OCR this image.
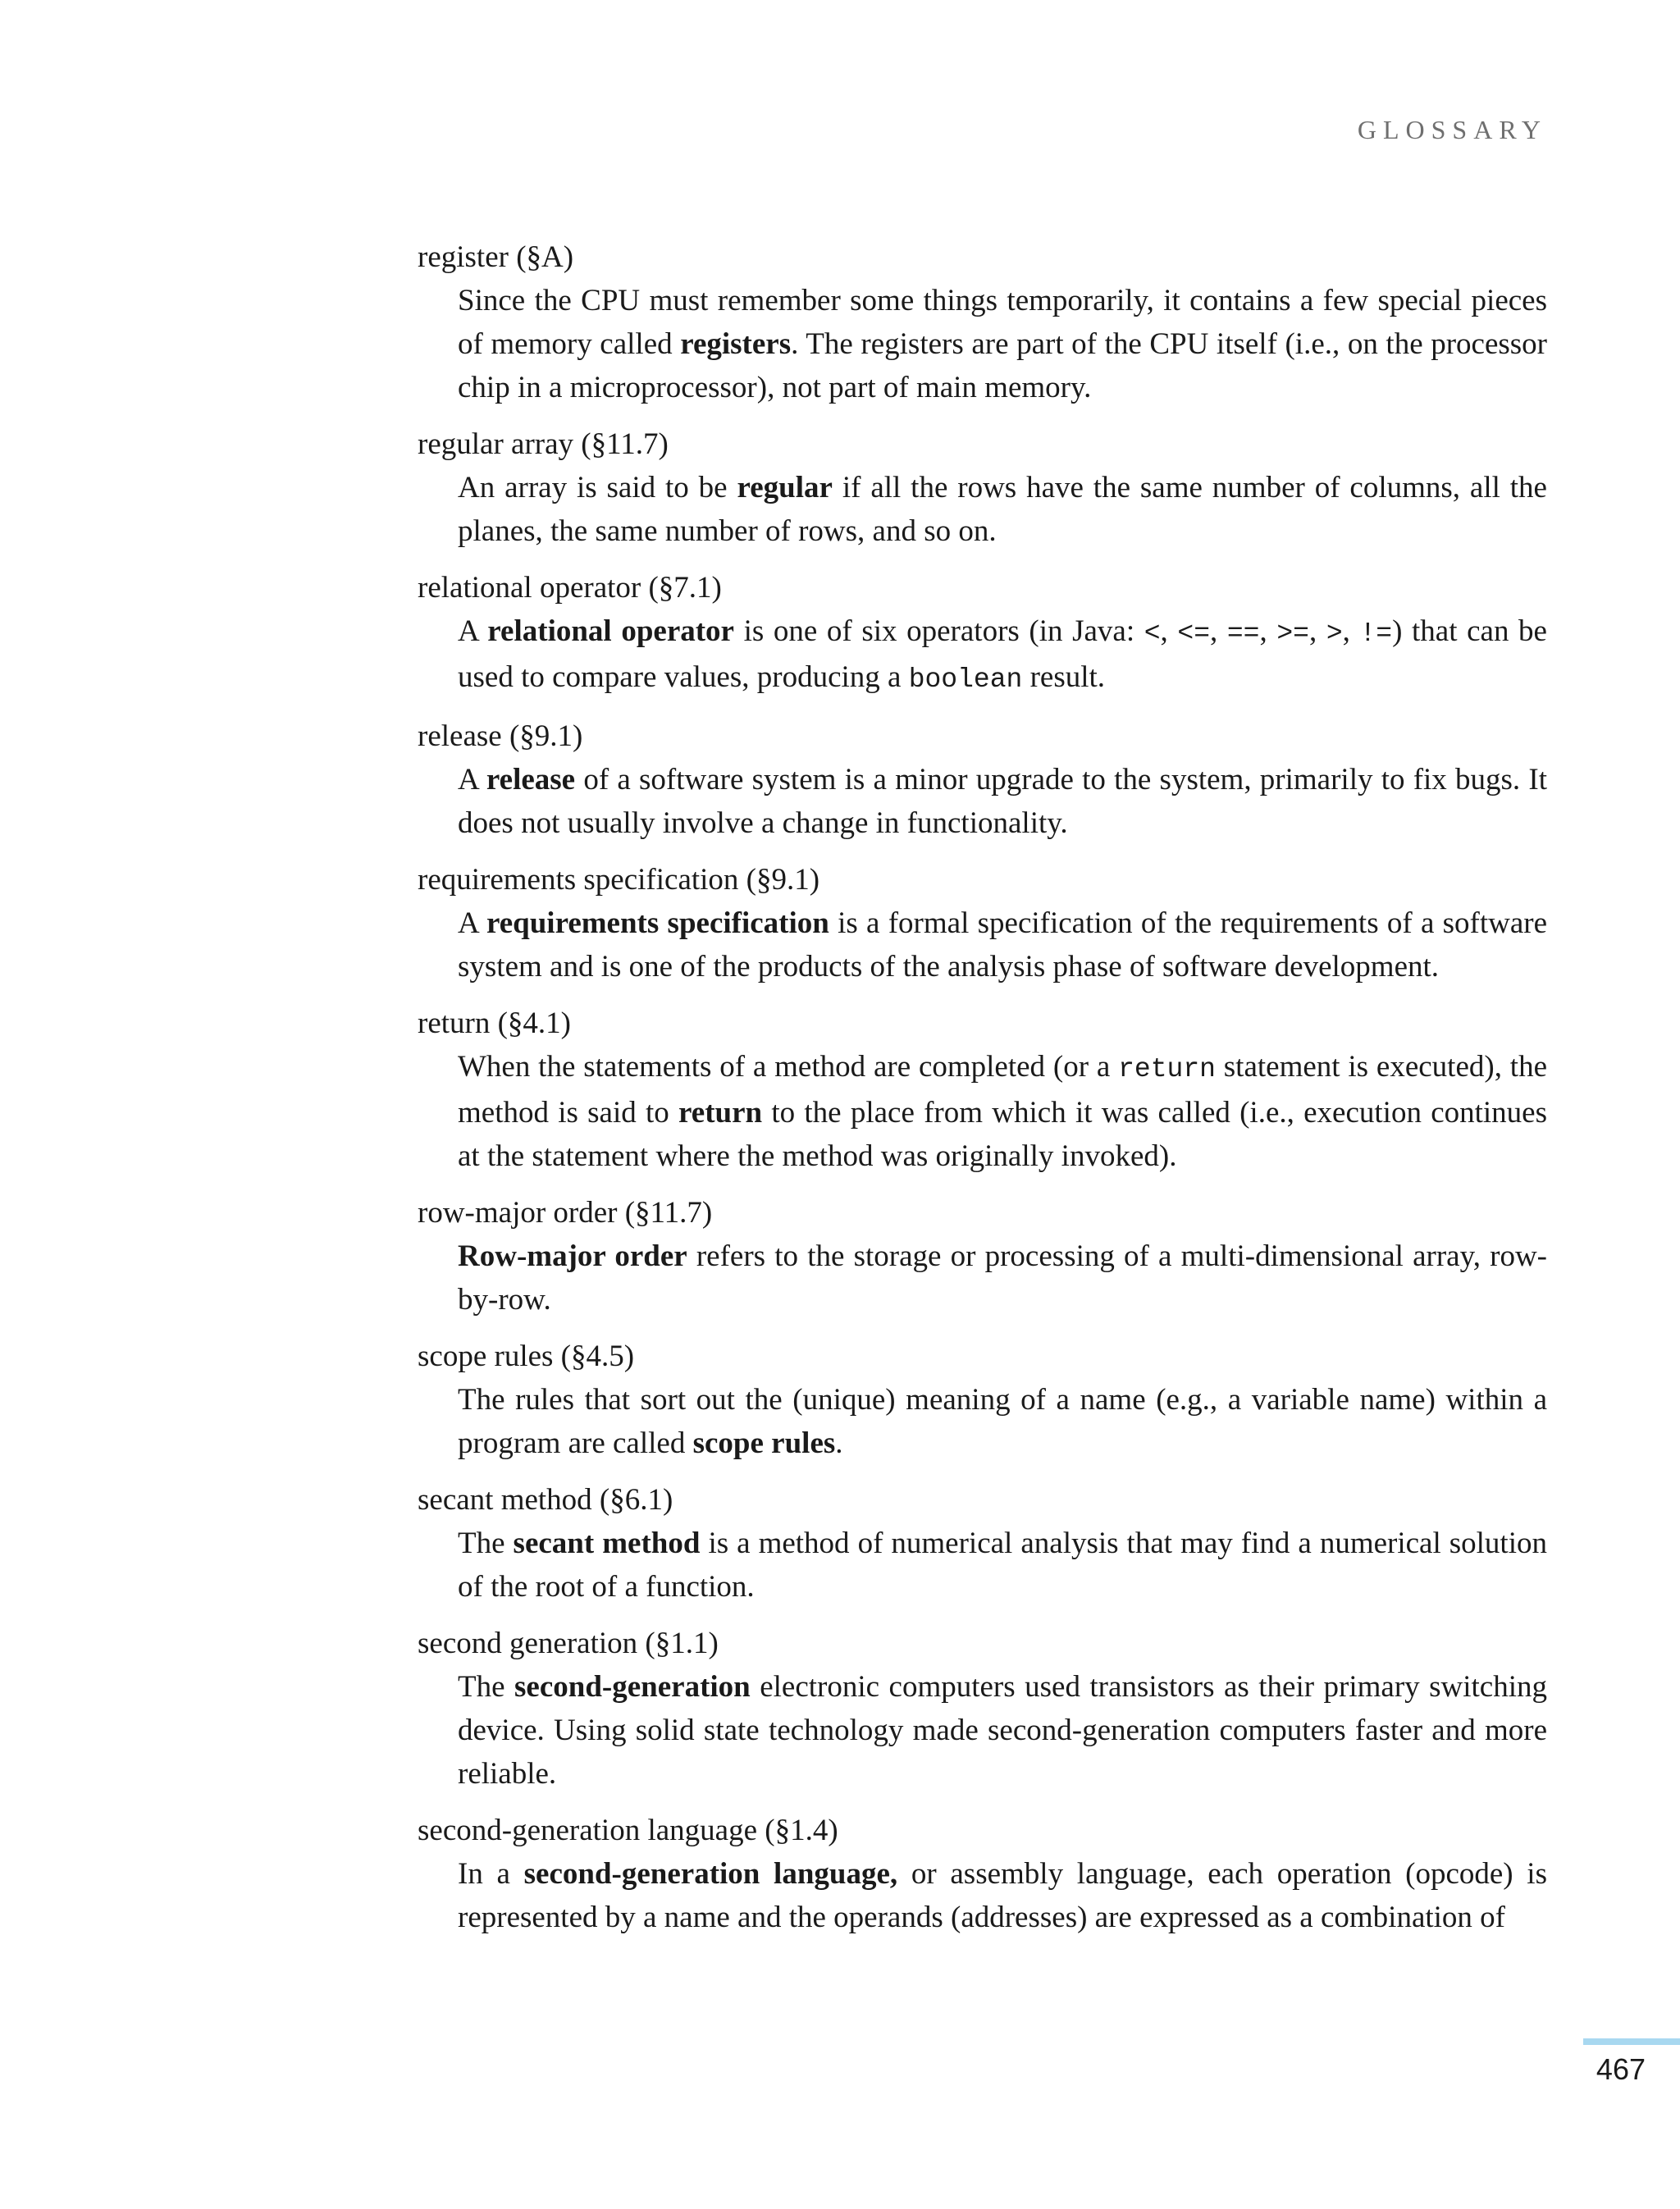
GLOSSARY

register (§A)

Since the CPU must remember some things temporarily, it contains a few special pieces of memory called registers. The registers are part of the CPU itself (i.e., on the processor chip in a microprocessor), not part of main memory.

regular array (§11.7)

An array is said to be regular if all the rows have the same number of columns, all the planes, the same number of rows, and so on.

relational operator (§7.1)

A relational operator is one of six operators (in Java: <, <=, ==, >=, >, !=) that can be used to compare values, producing a boolean result.

release (§9.1)

A release of a software system is a minor upgrade to the system, primarily to fix bugs. It does not usually involve a change in functionality.

requirements specification (§9.1)

A requirements specification is a formal specification of the requirements of a software system and is one of the products of the analysis phase of software development.

return (§4.1)

When the statements of a method are completed (or a return statement is executed), the method is said to return to the place from which it was called (i.e., execution continues at the statement where the method was originally invoked).

row-major order (§11.7)

Row-major order refers to the storage or processing of a multi-dimensional array, row-by-row.

scope rules (§4.5)

The rules that sort out the (unique) meaning of a name (e.g., a variable name) within a program are called scope rules.

secant method (§6.1)

The secant method is a method of numerical analysis that may find a numerical solution of the root of a function.

second generation (§1.1)

The second-generation electronic computers used transistors as their primary switching device. Using solid state technology made second-generation computers faster and more reliable.

second-generation language (§1.4)

In a second-generation language, or assembly language, each operation (opcode) is represented by a name and the operands (addresses) are expressed as a combination of

467
